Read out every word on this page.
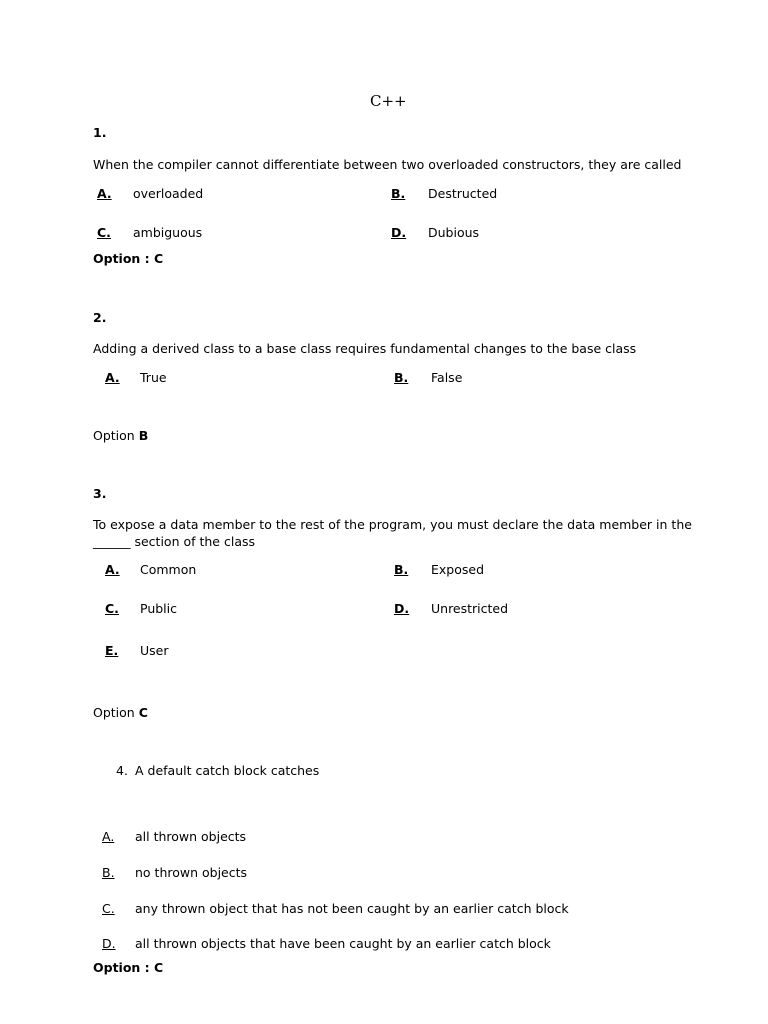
C++
1.
When the compiler cannot differentiate between two overloaded constructors, they are called
A. overloaded	B. Destructed
C. ambiguous	D. Dubious
Option : C
2.
Adding a derived class to a base class requires fundamental changes to the base class
A. True	B. False
Option B
3.
To expose a data member to the rest of the program, you must declare the data member in the
______ section of the class
A. Common	B. Exposed
C. Public	D. Unrestricted
E. User
Option C
4. A default catch block catches
A. all thrown objects
B. no thrown objects
C. any thrown object that has not been caught by an earlier catch block
D. all thrown objects that have been caught by an earlier catch block
Option : C
